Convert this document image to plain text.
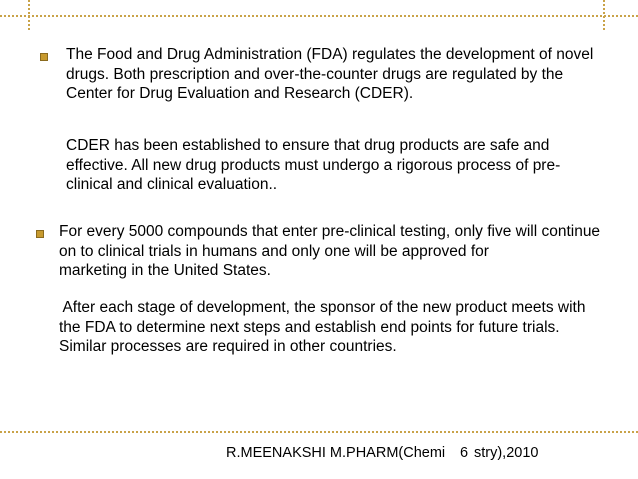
The Food and Drug Administration (FDA) regulates the development of novel
drugs. Both prescription and over-the-counter drugs are regulated by the
Center for Drug Evaluation and Research (CDER).
CDER has been established to ensure that drug products are safe and
effective. All new drug products must undergo a rigorous process of pre-
clinical and clinical evaluation..
For every 5000 compounds that enter pre-clinical testing, only five will continue
on to clinical trials in humans and only one will be approved for
marketing in the United States.
After each stage of development, the sponsor of the new product meets with
the FDA to determine next steps and establish end points for future trials.
Similar processes are required in other countries.
R.MEENAKSHI M.PHARM(Chemi 6 stry),2010
